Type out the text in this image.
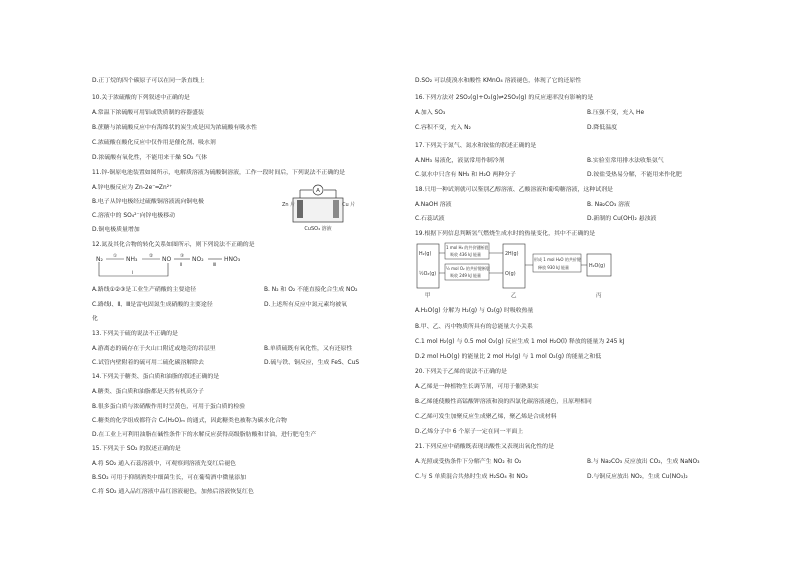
D.正丁烷的四个碳原子可以在同一条直线上
10.关于浓硫酸的下列叙述中正确的是
A.常温下浓硫酸可用铝或铁质制的容器盛装
B.蔗糖与浓硫酸反应中有海绵状的炭生成是因为浓硫酸有吸水性
C.浓硫酸在酸化反应中仅作用是催化剂、吸水剂
D.浓硫酸有氧化性，不能用来干燥 SO₂ 气体
11.锌-铜原电池装置如图所示，电解质溶液为硫酸铜溶液，工作一段时间后，下列说法不正确的是
A.锌电极反应为 Zn-2e⁻═Zn²⁺
B.电子从锌电极经过硫酸铜溶液流向铜电极
C.溶液中的 SO₄²⁻向锌电极移动
D.铜电极质量增加
12.氮及其化合物的转化关系如图所示，则下列说法不正确的是
A.路线①②③是工业生产硝酸的主要途径
C.路线Ⅰ、Ⅱ、Ⅲ是雷电固氮生成硝酸的主要途径
化
13.下列关于硫的说法不正确的是
A.游离态的硫存在于火山口附近或地壳的岩层里
C.试管内壁附着的硫可用二硫化碳溶解除去
14.下列关于糖类、蛋白质和油脂的叙述正确的是
A.糖类、蛋白质和油脂都是天然有机高分子
B.很多蛋白质与浓硝酸作用时呈黄色，可用于蛋白质的检验
C.糖类的化学组成都符合 Cₙ(H₂O)ₘ 的通式，因此糖类也被称为碳水化合物
D.在工业上可利用油脂在碱性条件下的水解反应获得高级脂肪酸和甘油，进行肥皂生产
15.下列关于 SO₂ 的叙述正确的是
A.将 SO₂ 通入石蕊溶液中，可观察到溶液先变红后褪色
B.SO₂ 可用于抑制酒类中细菌生长，可在葡萄酒中微量添加
C.将 SO₂ 通入品红溶液中品红溶液褪色，加热后溶液恢复红色
B. N₂ 和 O₂ 不能直接化合生成 NO₂
D.上述所有反应中氮元素均被氧
B.单质硫既有氧化性，又有还原性
D.硫与铁、铜反应，生成 FeS、CuS
D.SO₂ 可以使溴水和酸性 KMnO₄ 溶液褪色，体现了它的还原性
16.下列方法对 2SO₂(g)+O₂(g)⇌2SO₃(g) 的反应速率没有影响的是
A.加入 SO₃
C.容积不变，充入 N₂
17.下列关于氮气、氮水和铵盐的叙述正确的是
A.NH₃ 易液化，液氨常用作制冷剂
C.氨水中只含有 NH₃ 和 H₂O 两种分子
18.只用一种试剂就可以鉴别乙醇溶液、乙酸溶液和葡萄糖溶液，这种试剂是
A.NaOH 溶液
C.石蕊试液
19.根据下列信息判断氢气燃烧生成水时的热量变化，其中不正确的是
A.H₂O(g) 分解为 H₂(g) 与 O₂(g) 时吸收热量
B.甲、乙、丙中物质所具有的总能量大小关系
C.1 mol H₂(g) 与 0.5 mol O₂(g) 反应生成 1 mol H₂O(l) 释放的能量为 245 kJ
D.2 mol H₂O(g) 的能量比 2 mol H₂(g) 与 1 mol O₂(g) 的能量之和低
20.下列关于乙烯的说法不正确的是
A.乙烯是一种植物生长调节剂，可用于催熟果实
B.乙烯能使酸性高锰酸钾溶液和溴的四氯化碳溶液褪色，且原理相同
C.乙烯可发生加聚反应生成聚乙烯，聚乙烯是合成材料
D.乙烯分子中 6 个原子一定在同一平面上
21.下列反应中硝酸既表现出酸性又表现出氧化性的是
A.光照或受热条件下分解产生 NO₂ 和 O₂
C.与 S 单质混合共热时生成 H₂SO₄ 和 NO₂
B.压强不变，充入 He
D.降低温度
B.实验室常用排水法收集氨气
D.铵盐受热易分解，不能用来作化肥
B. Na₂CO₃ 溶液
D.新制的 Cu(OH)₂ 悬浊液
B.与 Na₂CO₃ 反应放出 CO₂，生成 NaNO₃
D.与铜反应放出 NO₂，生成 Cu(NO₃)₂
A
Zn 片	Cu 片
CuSO₄ 溶液
N₂ ① NH₃	② NO ③
Ⅱ
NO₂
Ⅲ
HNO₃
Ⅰ
H₂(g)
½O₂(g)
1 mol H₂ 的共价键断裂
吸收 436 kJ 能量
½ mol O₂ 的共价键断裂
吸收 249 kJ 能量
2H(g)
O(g)
形成 1 mol H₂O 的共价键
释放 930 kJ 能量	H₂O(g)
甲	乙	丙
